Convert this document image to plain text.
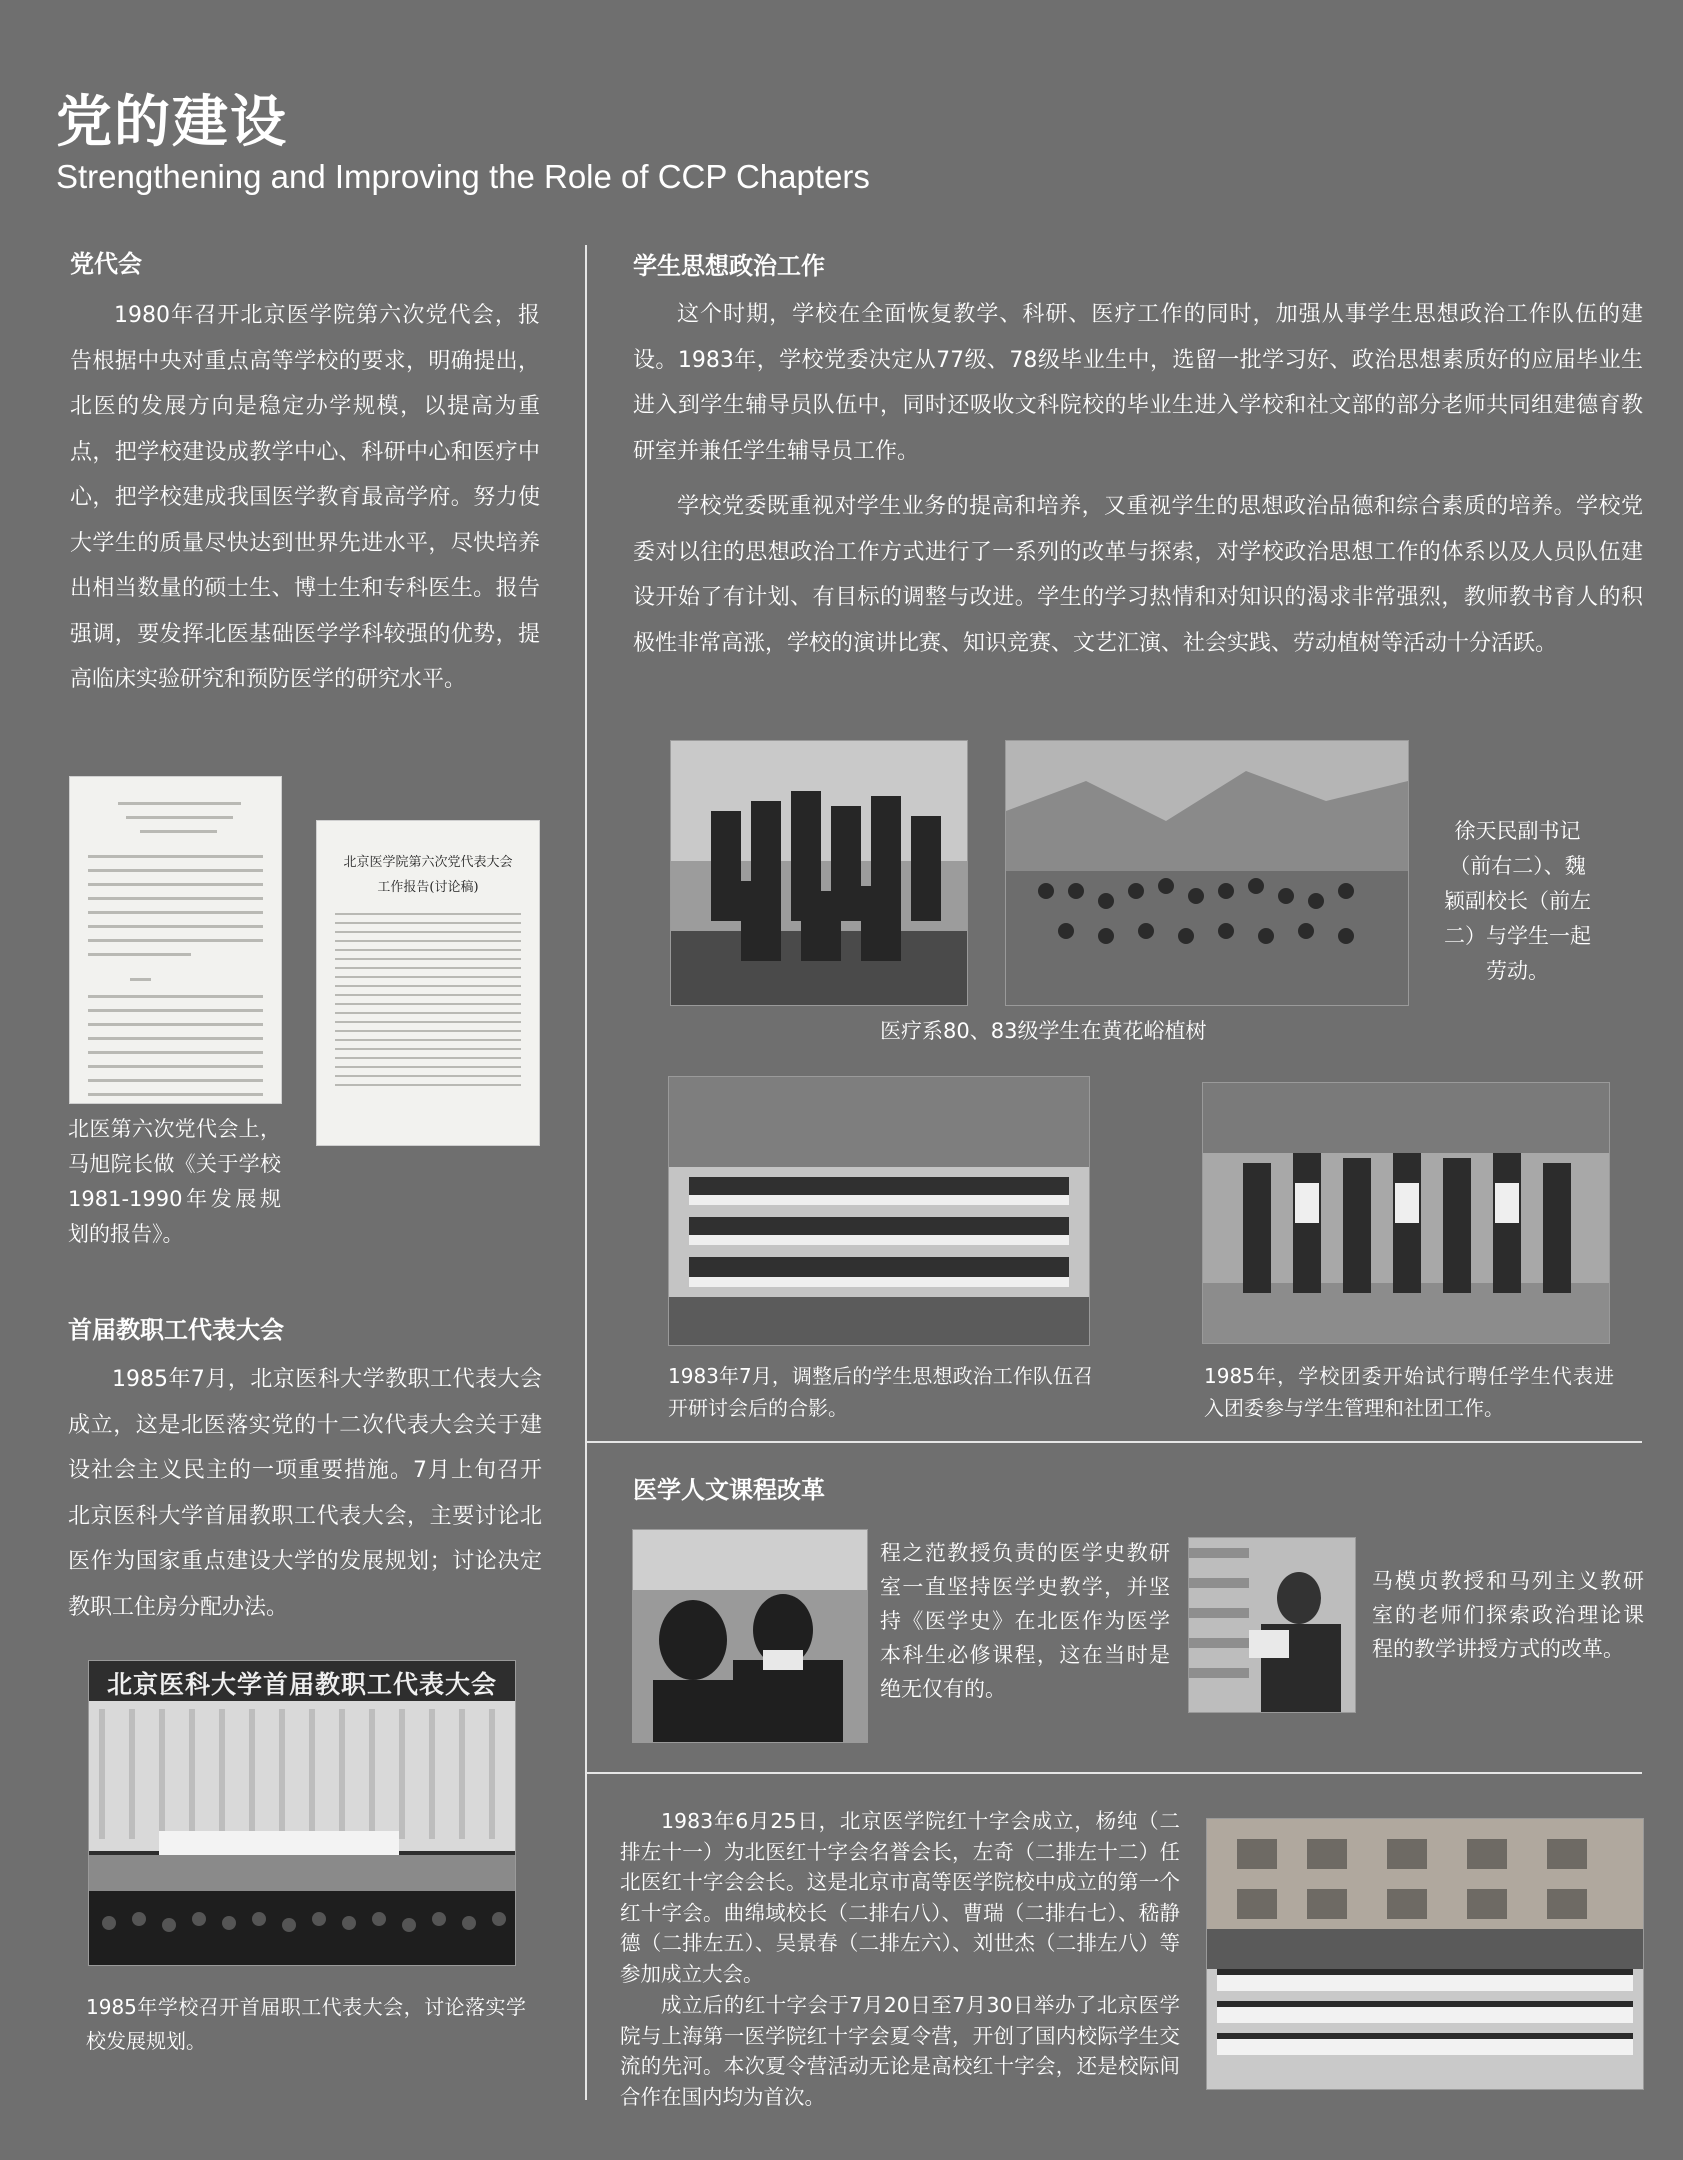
党的建设
Strengthening and Improving the Role of CCP Chapters
党代会

1980年召开北京医学院第六次党代会，报告根据中央对重点高等学校的要求，明确提出，北医的发展方向是稳定办学规模，以提高为重点，把学校建设成教学中心、科研中心和医疗中心，把学校建成我国医学教育最高学府。努力使大学生的质量尽快达到世界先进水平，尽快培养出相当数量的硕士生、博士生和专科医生。报告强调，要发挥北医基础医学学科较强的优势，提高临床实验研究和预防医学的研究水平。

北京医学院第六次党代表大会
工作报告(讨论稿)
北医第六次党代会上，马旭院长做《关于学校1981-1990年发展规划的报告》。
首届教职工代表大会

1985年7月，北京医科大学教职工代表大会成立，这是北医落实党的十二次代表大会关于建设社会主义民主的一项重要措施。7月上旬召开北京医科大学首届教职工代表大会，主要讨论北医作为国家重点建设大学的发展规划；讨论决定教职工住房分配办法。

北京医科大学首届教职工代表大会
1985年学校召开首届职工代表大会，讨论落实学校发展规划。
学生思想政治工作

这个时期，学校在全面恢复教学、科研、医疗工作的同时，加强从事学生思想政治工作队伍的建设。1983年，学校党委决定从77级、78级毕业生中，选留一批学习好、政治思想素质好的应届毕业生进入到学生辅导员队伍中，同时还吸收文科院校的毕业生进入学校和社文部的部分老师共同组建德育教研室并兼任学生辅导员工作。

学校党委既重视对学生业务的提高和培养，又重视学生的思想政治品德和综合素质的培养。学校党委对以往的思想政治工作方式进行了一系列的改革与探索，对学校政治思想工作的体系以及人员队伍建设开始了有计划、有目标的调整与改进。学生的学习热情和对知识的渴求非常强烈，教师教书育人的积极性非常高涨，学校的演讲比赛、知识竞赛、文艺汇演、社会实践、劳动植树等活动十分活跃。

徐天民副书记（前右二）、魏颖副校长（前左二）与学生一起劳动。
医疗系80、83级学生在黄花峪植树
1983年7月，调整后的学生思想政治工作队伍召开研讨会后的合影。
1985年，学校团委开始试行聘任学生代表进入团委参与学生管理和社团工作。
医学人文课程改革
程之范教授负责的医学史教研室一直坚持医学史教学，并坚持《医学史》在北医作为医学本科生必修课程，这在当时是绝无仅有的。
马模贞教授和马列主义教研室的老师们探索政治理论课程的教学讲授方式的改革。

1983年6月25日，北京医学院红十字会成立，杨纯（二排左十一）为北医红十字会名誉会长，左奇（二排左十二）任北医红十字会会长。这是北京市高等医学院校中成立的第一个红十字会。曲绵域校长（二排右八）、曹瑞（二排右七）、嵇静德（二排左五）、吴景春（二排左六）、刘世杰（二排左八）等参加成立大会。

成立后的红十字会于7月20日至7月30日举办了北京医学院与上海第一医学院红十字会夏令营，开创了国内校际学生交流的先河。本次夏令营活动无论是高校红十字会，还是校际间合作在国内均为首次。
